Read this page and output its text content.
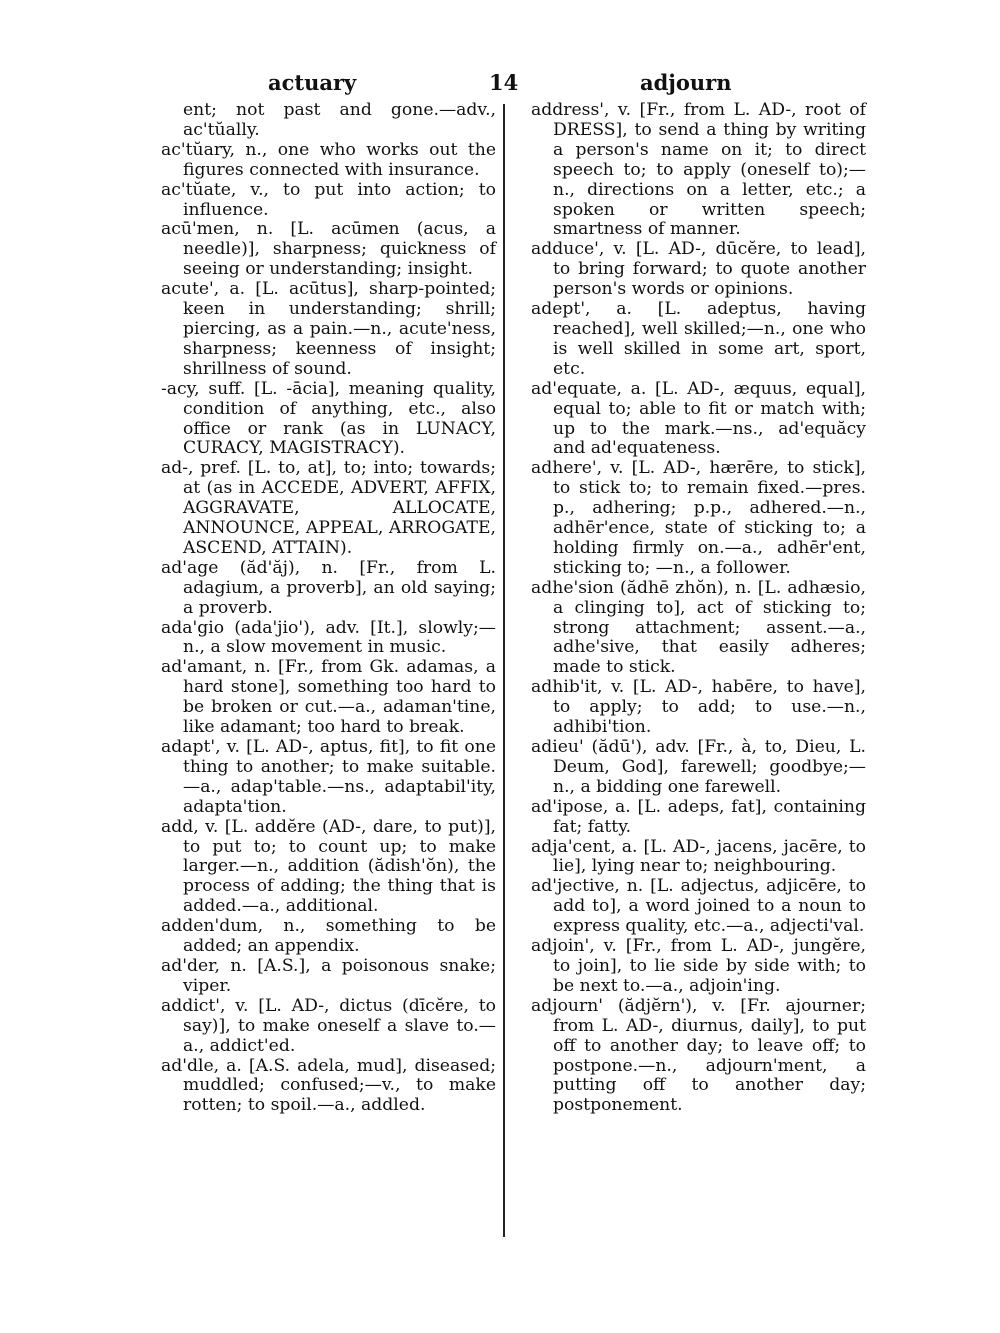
actuary	14	adjourn

ent; not past and gone.—adv., ac'tŭally.

ac'tŭary, n., one who works out the figures connected with insurance.

ac'tŭate, v., to put into action; to influence.

acū'men, n. [L. acūmen (acus, a needle)], sharpness; quickness of seeing or understanding; insight.

acute', a. [L. acūtus], sharp-pointed; keen in understanding; shrill; piercing, as a pain.—n., acute'ness, sharpness; keenness of insight; shrillness of sound.

-acy, suff. [L. -ācia], meaning quality, condition of anything, etc., also office or rank (as in LUNACY, CURACY, MAGISTRACY).

ad-, pref. [L. to, at], to; into; towards; at (as in ACCEDE, ADVERT, AFFIX, AGGRAVATE, ALLOCATE, ANNOUNCE, APPEAL, ARROGATE, ASCEND, ATTAIN).

ad'age (ăd'ăj), n. [Fr., from L. adagium, a proverb], an old saying; a proverb.

ada'gio (ada'jio'), adv. [It.], slowly;—n., a slow movement in music.

ad'amant, n. [Fr., from Gk. adamas, a hard stone], something too hard to be broken or cut.—a., adaman'tine, like adamant; too hard to break.

adapt', v. [L. AD-, aptus, fit], to fit one thing to another; to make suitable.—a., adap'table.—ns., adaptabil'ity, adapta'tion.

add, v. [L. addĕre (AD-, dare, to put)], to put to; to count up; to make larger.—n., addition (ădish'ŏn), the process of adding; the thing that is added.—a., additional.

adden'dum, n., something to be added; an appendix.

ad'der, n. [A.S.], a poisonous snake; viper.

addict', v. [L. AD-, dictus (dīcĕre, to say)], to make oneself a slave to.—a., addict'ed.

ad'dle, a. [A.S. adela, mud], diseased; muddled; confused;—v., to make rotten; to spoil.—a., addled.

address', v. [Fr., from L. AD-, root of DRESS], to send a thing by writing a person's name on it; to direct speech to; to apply (oneself to);—n., directions on a letter, etc.; a spoken or written speech; smartness of manner.

adduce', v. [L. AD-, dūcĕre, to lead], to bring forward; to quote another person's words or opinions.

adept', a. [L. adeptus, having reached], well skilled;—n., one who is well skilled in some art, sport, etc.

ad'equate, a. [L. AD-, æquus, equal], equal to; able to fit or match with; up to the mark.—ns., ad'equăcy and ad'equateness.

adhere', v. [L. AD-, hærēre, to stick], to stick to; to remain fixed.—pres. p., adhering; p.p., adhered.—n., adhēr'ence, state of sticking to; a holding firmly on.—a., adhēr'ent, sticking to; —n., a follower.

adhe'sion (ădhē zhŏn), n. [L. adhæsio, a clinging to], act of sticking to; strong attachment; assent.—a., adhe'sive, that easily adheres; made to stick.

adhib'it, v. [L. AD-, habēre, to have], to apply; to add; to use.—n., adhibi'tion.

adieu' (ădū'), adv. [Fr., à, to, Dieu, L. Deum, God], farewell; goodbye;—n., a bidding one farewell.

ad'ipose, a. [L. adeps, fat], containing fat; fatty.

adja'cent, a. [L. AD-, jacens, jacēre, to lie], lying near to; neighbouring.

ad'jective, n. [L. adjectus, adjicēre, to add to], a word joined to a noun to express quality, etc.—a., adjecti'val.

adjoin', v. [Fr., from L. AD-, jungĕre, to join], to lie side by side with; to be next to.—a., adjoin'ing.

adjourn' (ădjĕrn'), v. [Fr. ajourner; from L. AD-, diurnus, daily], to put off to another day; to leave off; to postpone.—n., adjourn'ment, a putting off to another day; postponement.
